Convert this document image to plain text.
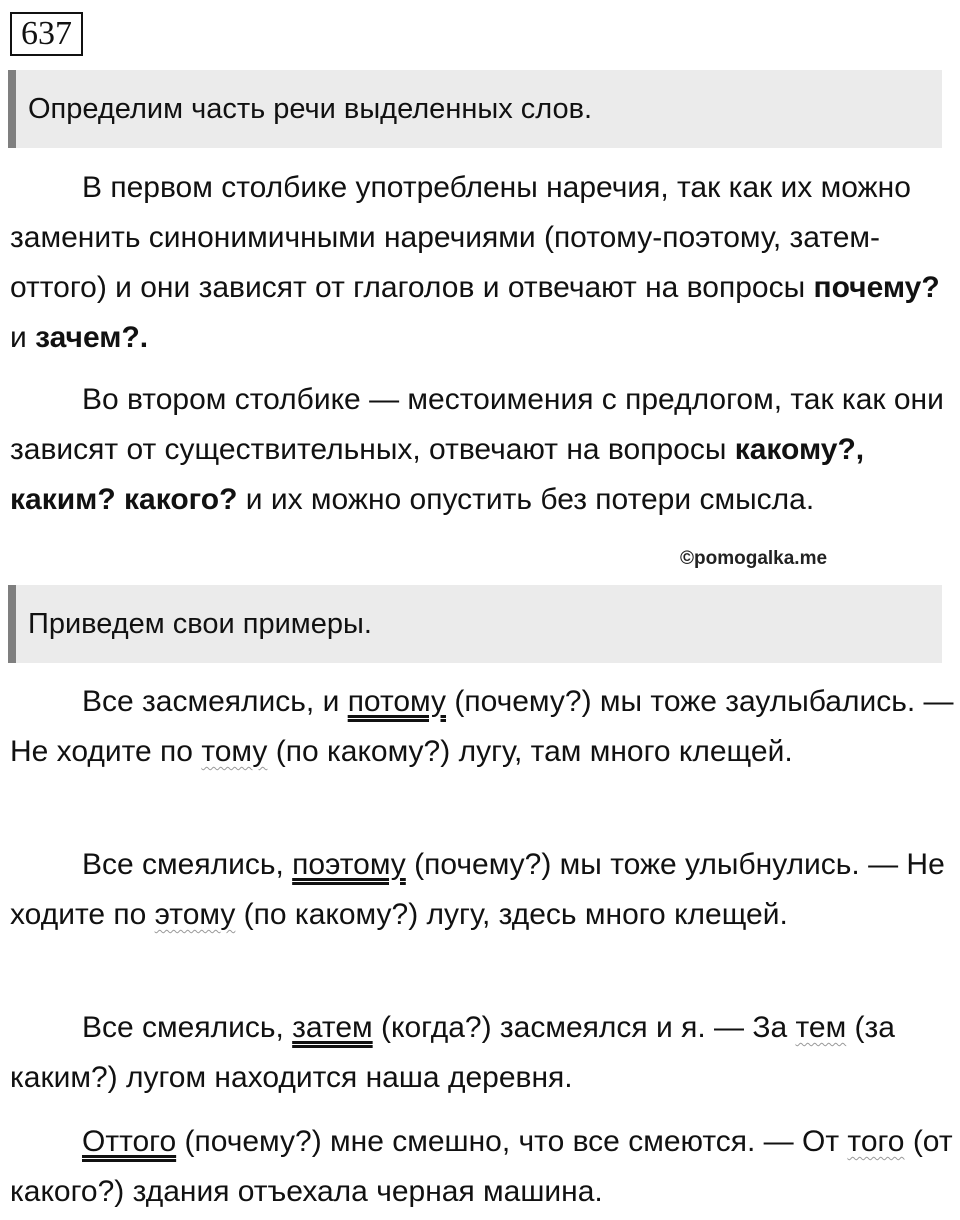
637
Определим часть речи выделенных слов.

В первом столбике употреблены наречия, так как их можно заменить синонимичными наречиями (потому-поэтому, затем-оттого) и они зависят от глаголов и отвечают на вопросы почему? и зачем?.

Во втором столбике — местоимения с предлогом, так как они зависят от существительных, отвечают на вопросы какому?, каким? какого? и их можно опустить без потери смысла.

©pomogalka.me
Приведем свои примеры.

Все засмеялись, и потому (почему?) мы тоже заулыбались. — Не ходите по тому (по какому?) лугу, там много клещей.

Все смеялись, поэтому (почему?) мы тоже улыбнулись. — Не ходите по этому (по какому?) лугу, здесь много клещей.

Все смеялись, затем (когда?) засмеялся и я. — За тем (за каким?) лугом находится наша деревня.

Оттого (почему?) мне смешно, что все смеются. — От того (от какого?) здания отъехала черная машина.
